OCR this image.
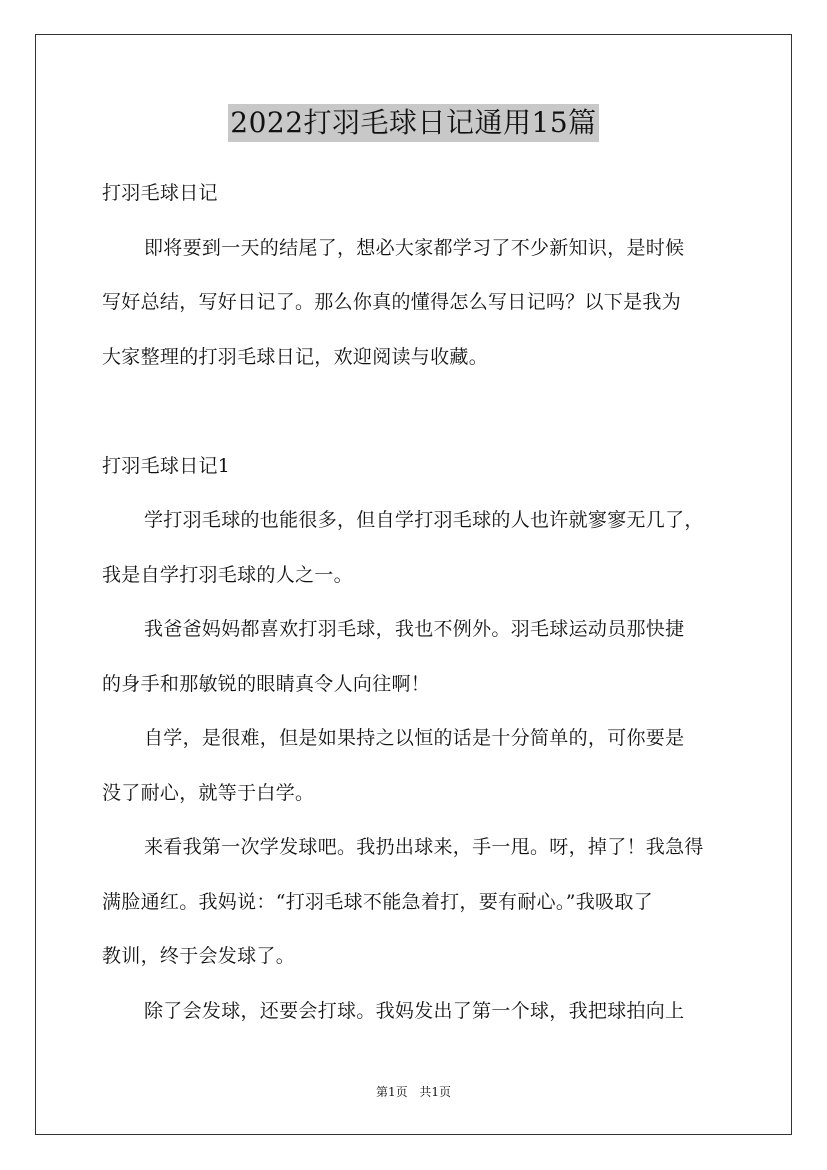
2022打羽毛球日记通用15篇
打羽毛球日记
即将要到一天的结尾了，想必大家都学习了不少新知识，是时候
写好总结，写好日记了。那么你真的懂得怎么写日记吗？以下是我为
大家整理的打羽毛球日记，欢迎阅读与收藏。
打羽毛球日记1
学打羽毛球的也能很多，但自学打羽毛球的人也许就寥寥无几了，
我是自学打羽毛球的人之一。
我爸爸妈妈都喜欢打羽毛球，我也不例外。羽毛球运动员那快捷
的身手和那敏锐的眼睛真令人向往啊！
自学，是很难，但是如果持之以恒的话是十分简单的，可你要是
没了耐心，就等于白学。
来看我第一次学发球吧。我扔出球来，手一甩。呀，掉了！我急得
满脸通红。我妈说：“打羽毛球不能急着打，要有耐心。”我吸取了
教训，终于会发球了。
除了会发球，还要会打球。我妈发出了第一个球，我把球拍向上
第1页 共1页
